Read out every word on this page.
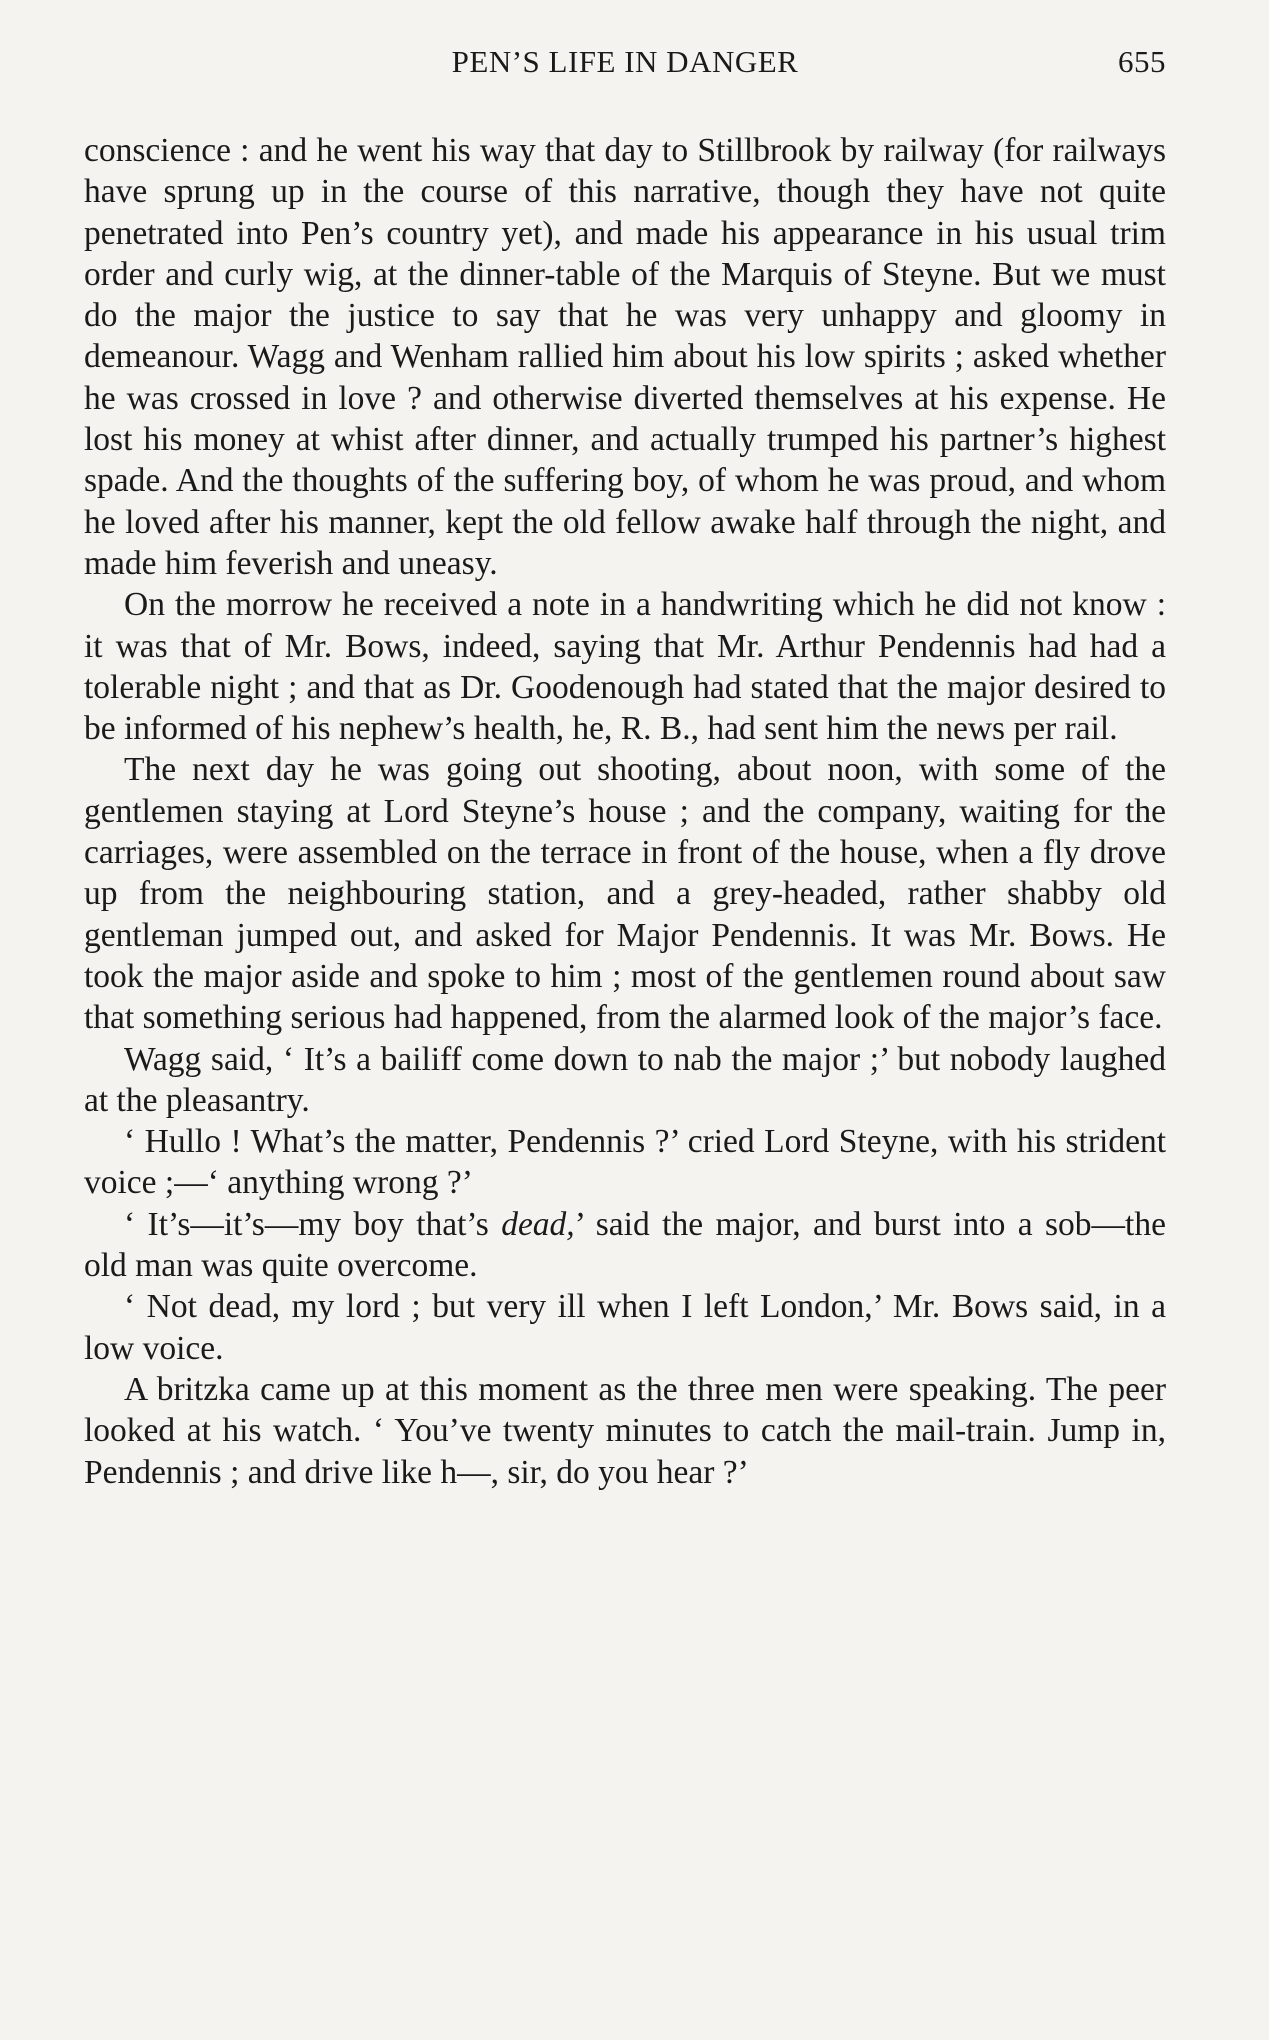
PEN’S LIFE IN DANGER	655

conscience : and he went his way that day to Stillbrook by railway (for railways have sprung up in the course of this narrative, though they have not quite penetrated into Pen’s country yet), and made his appearance in his usual trim order and curly wig, at the dinner-table of the Marquis of Steyne. But we must do the major the justice to say that he was very unhappy and gloomy in demeanour. Wagg and Wenham rallied him about his low spirits ; asked whether he was crossed in love ? and otherwise diverted themselves at his expense. He lost his money at whist after dinner, and actually trumped his partner’s highest spade. And the thoughts of the suffering boy, of whom he was proud, and whom he loved after his manner, kept the old fellow awake half through the night, and made him feverish and uneasy.

On the morrow he received a note in a handwriting which he did not know : it was that of Mr. Bows, indeed, saying that Mr. Arthur Pendennis had had a tolerable night ; and that as Dr. Goodenough had stated that the major desired to be informed of his nephew’s health, he, R. B., had sent him the news per rail.

The next day he was going out shooting, about noon, with some of the gentlemen staying at Lord Steyne’s house ; and the company, waiting for the carriages, were assembled on the terrace in front of the house, when a fly drove up from the neighbouring station, and a grey-headed, rather shabby old gentleman jumped out, and asked for Major Pendennis. It was Mr. Bows. He took the major aside and spoke to him ; most of the gentlemen round about saw that something serious had happened, from the alarmed look of the major’s face.

Wagg said, ‘ It’s a bailiff come down to nab the major ;’ but nobody laughed at the pleasantry.

‘ Hullo ! What’s the matter, Pendennis ?’ cried Lord Steyne, with his strident voice ;—‘ anything wrong ?’

‘ It’s—it’s—my boy that’s dead,’ said the major, and burst into a sob—the old man was quite overcome.

‘ Not dead, my lord ; but very ill when I left London,’ Mr. Bows said, in a low voice.

A britzka came up at this moment as the three men were speaking. The peer looked at his watch. ‘ You’ve twenty minutes to catch the mail-train. Jump in, Pendennis ; and drive like h—, sir, do you hear ?’
